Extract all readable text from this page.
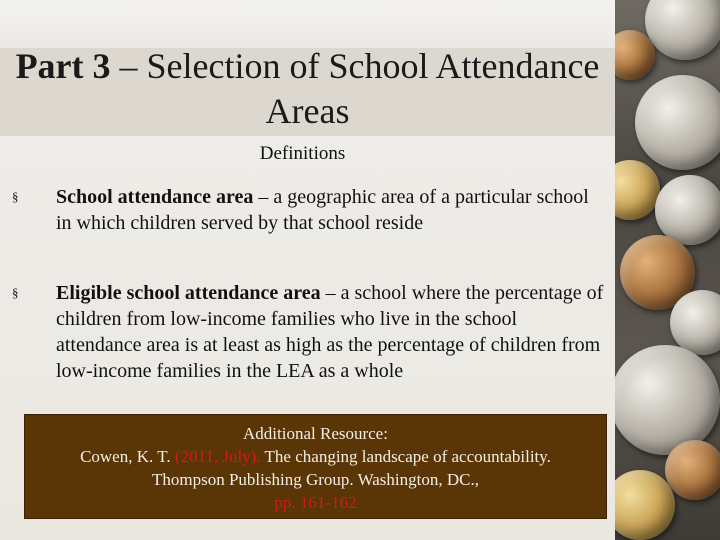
Part 3 – Selection of School Attendance Areas
Definitions
§ School attendance area – a geographic area of a particular school in which children served by that school reside
§ Eligible school attendance area – a school where the percentage of children from low-income families who live in the school attendance area is at least as high as the percentage of children from low-income families in the LEA as a whole
Additional Resource:
Cowen, K. T. (2011, July). The changing landscape of accountability.
Thompson Publishing Group. Washington, DC.,
pp. 161-162
